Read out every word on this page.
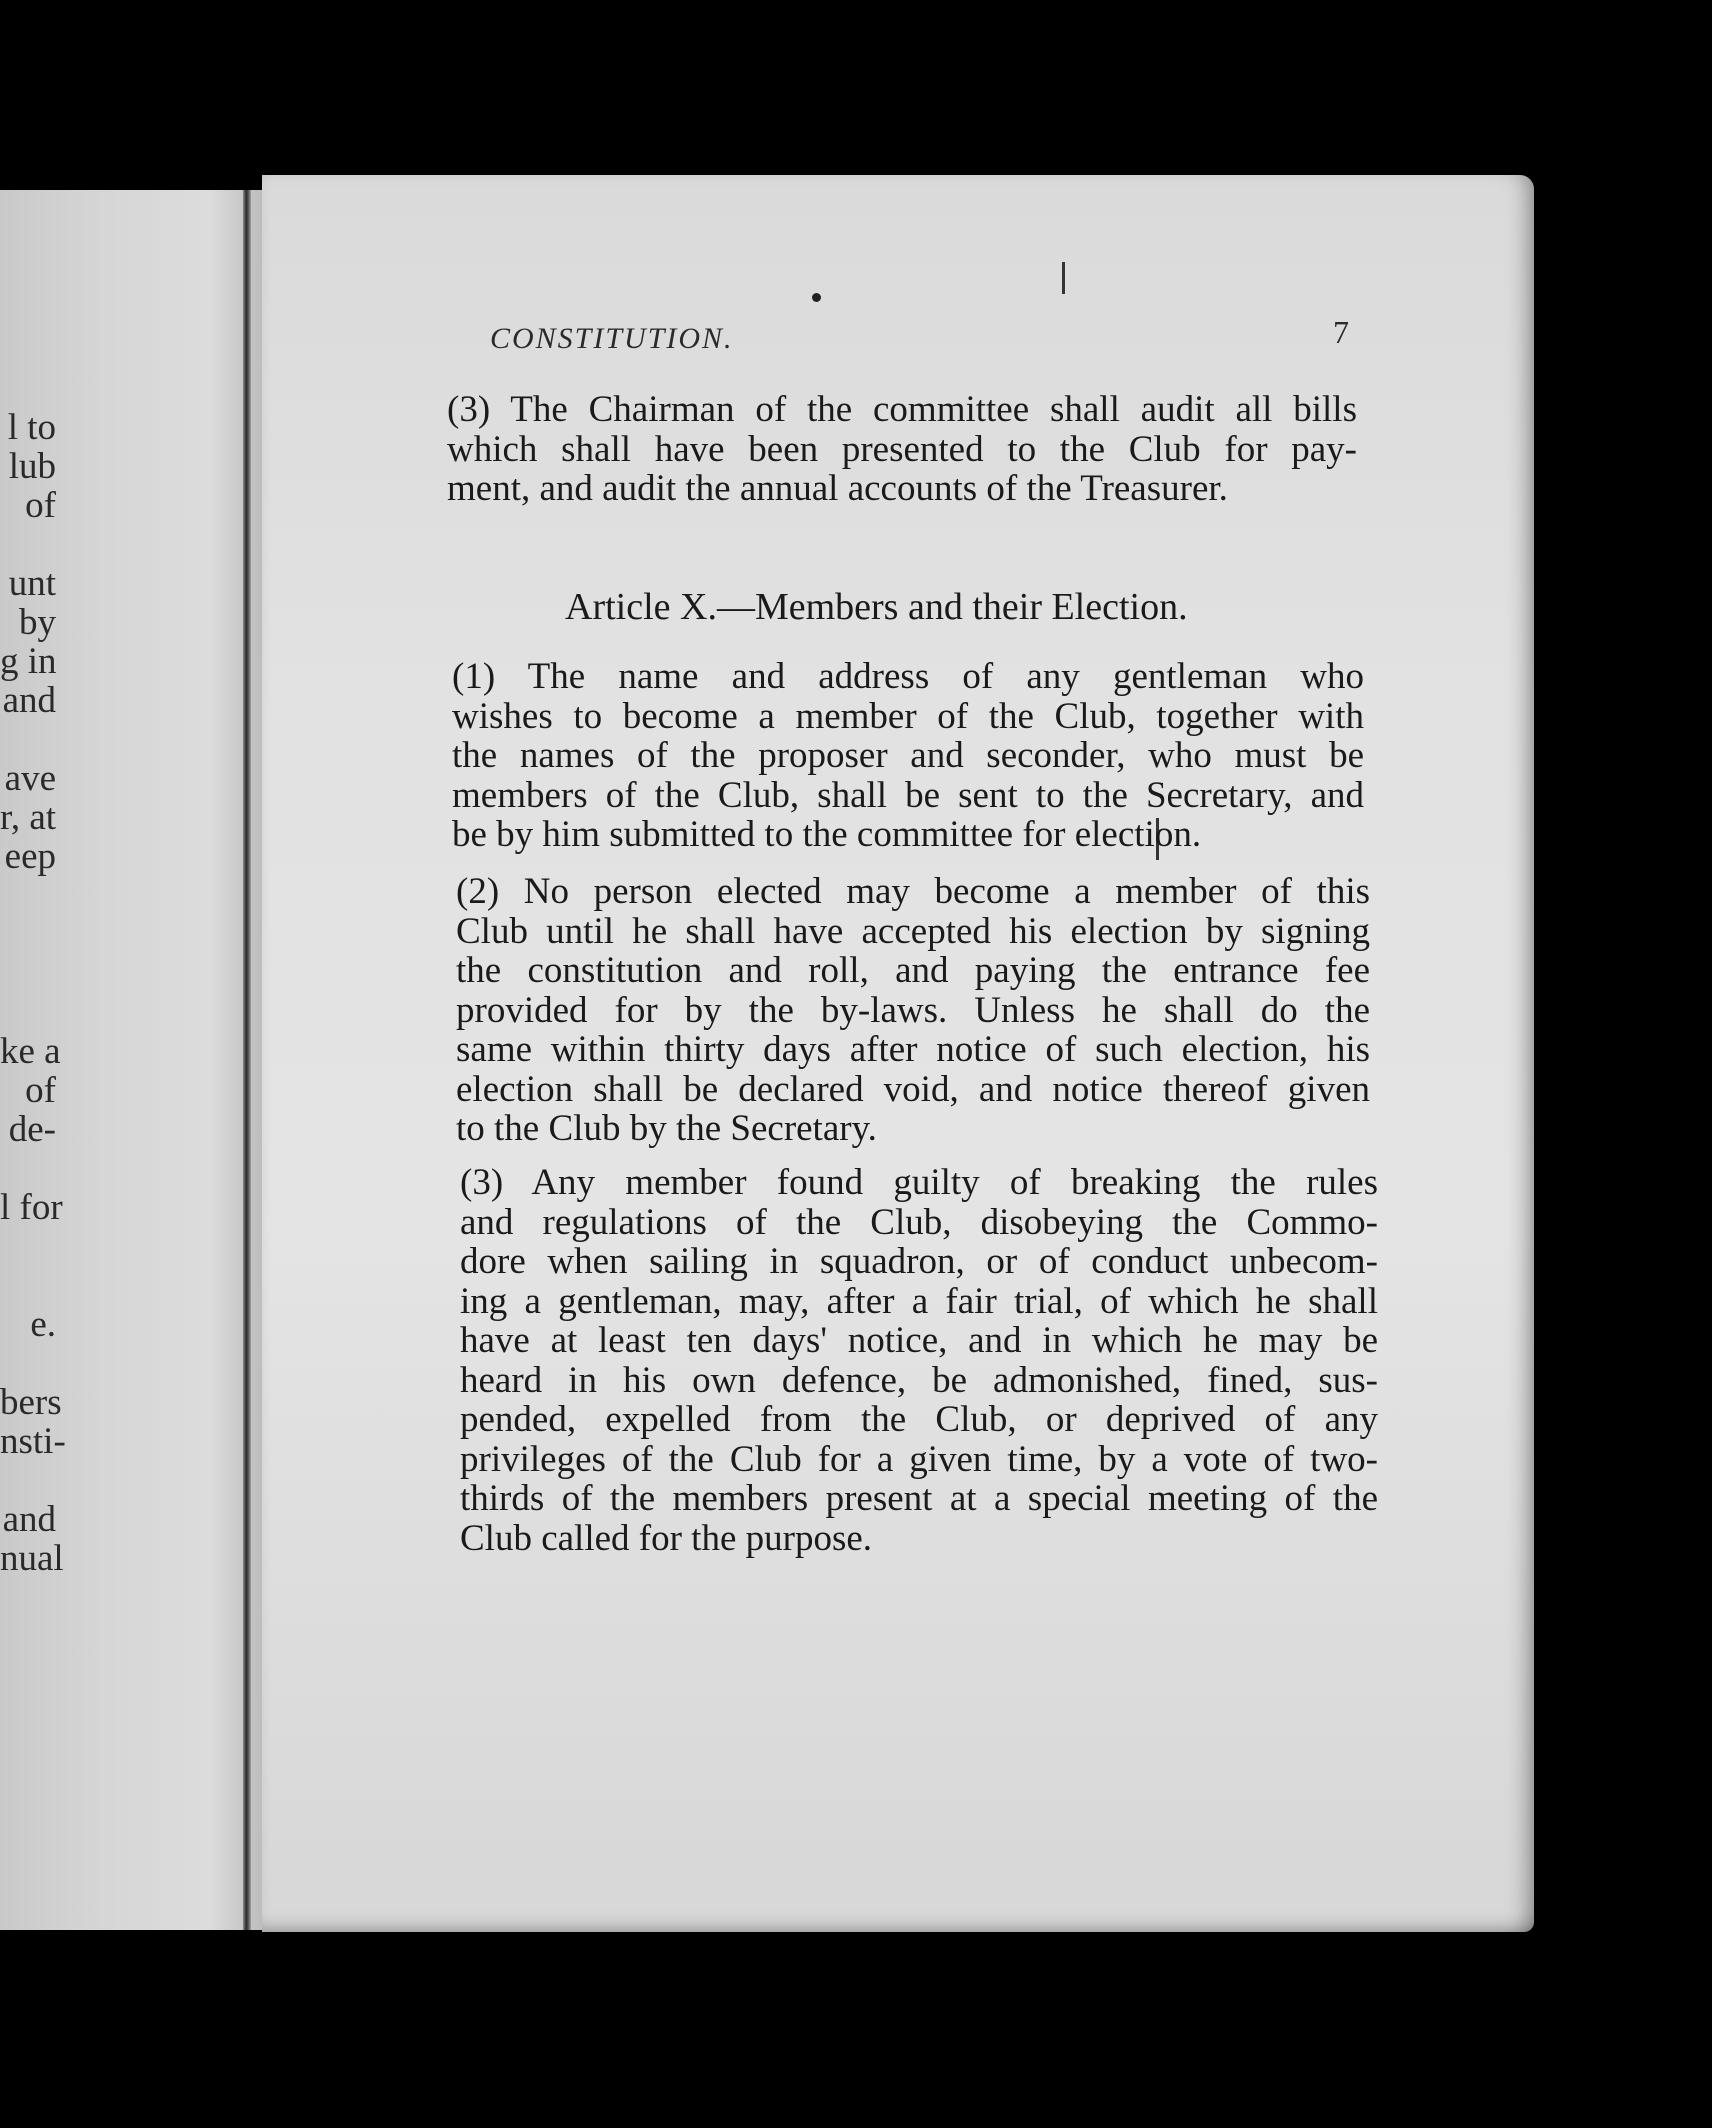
l to
lub
of
unt
by
g in
and
ave
r, at
eep
ke a
of
de-
l for
e.
bers
nsti-
and
nual
CONSTITUTION.	7
(3) The Chairman of the committee shall audit all bills
which shall have been presented to the Club for pay-
ment, and audit the annual accounts of the Treasurer.
Article X.—Members and their Election.
(1) The name and address of any gentleman who
wishes to become a member of the Club, together with
the names of the proposer and seconder, who must be
members of the Club, shall be sent to the Secretary, and
be by him submitted to the committee for election.
(2) No person elected may become a member of this
Club until he shall have accepted his election by signing
the constitution and roll, and paying the entrance fee
provided for by the by-laws. Unless he shall do the
same within thirty days after notice of such election, his
election shall be declared void, and notice thereof given
to the Club by the Secretary.
(3) Any member found guilty of breaking the rules
and regulations of the Club, disobeying the Commo-
dore when sailing in squadron, or of conduct unbecom-
ing a gentleman, may, after a fair trial, of which he shall
have at least ten days' notice, and in which he may be
heard in his own defence, be admonished, fined, sus-
pended, expelled from the Club, or deprived of any
privileges of the Club for a given time, by a vote of two-
thirds of the members present at a special meeting of the
Club called for the purpose.
